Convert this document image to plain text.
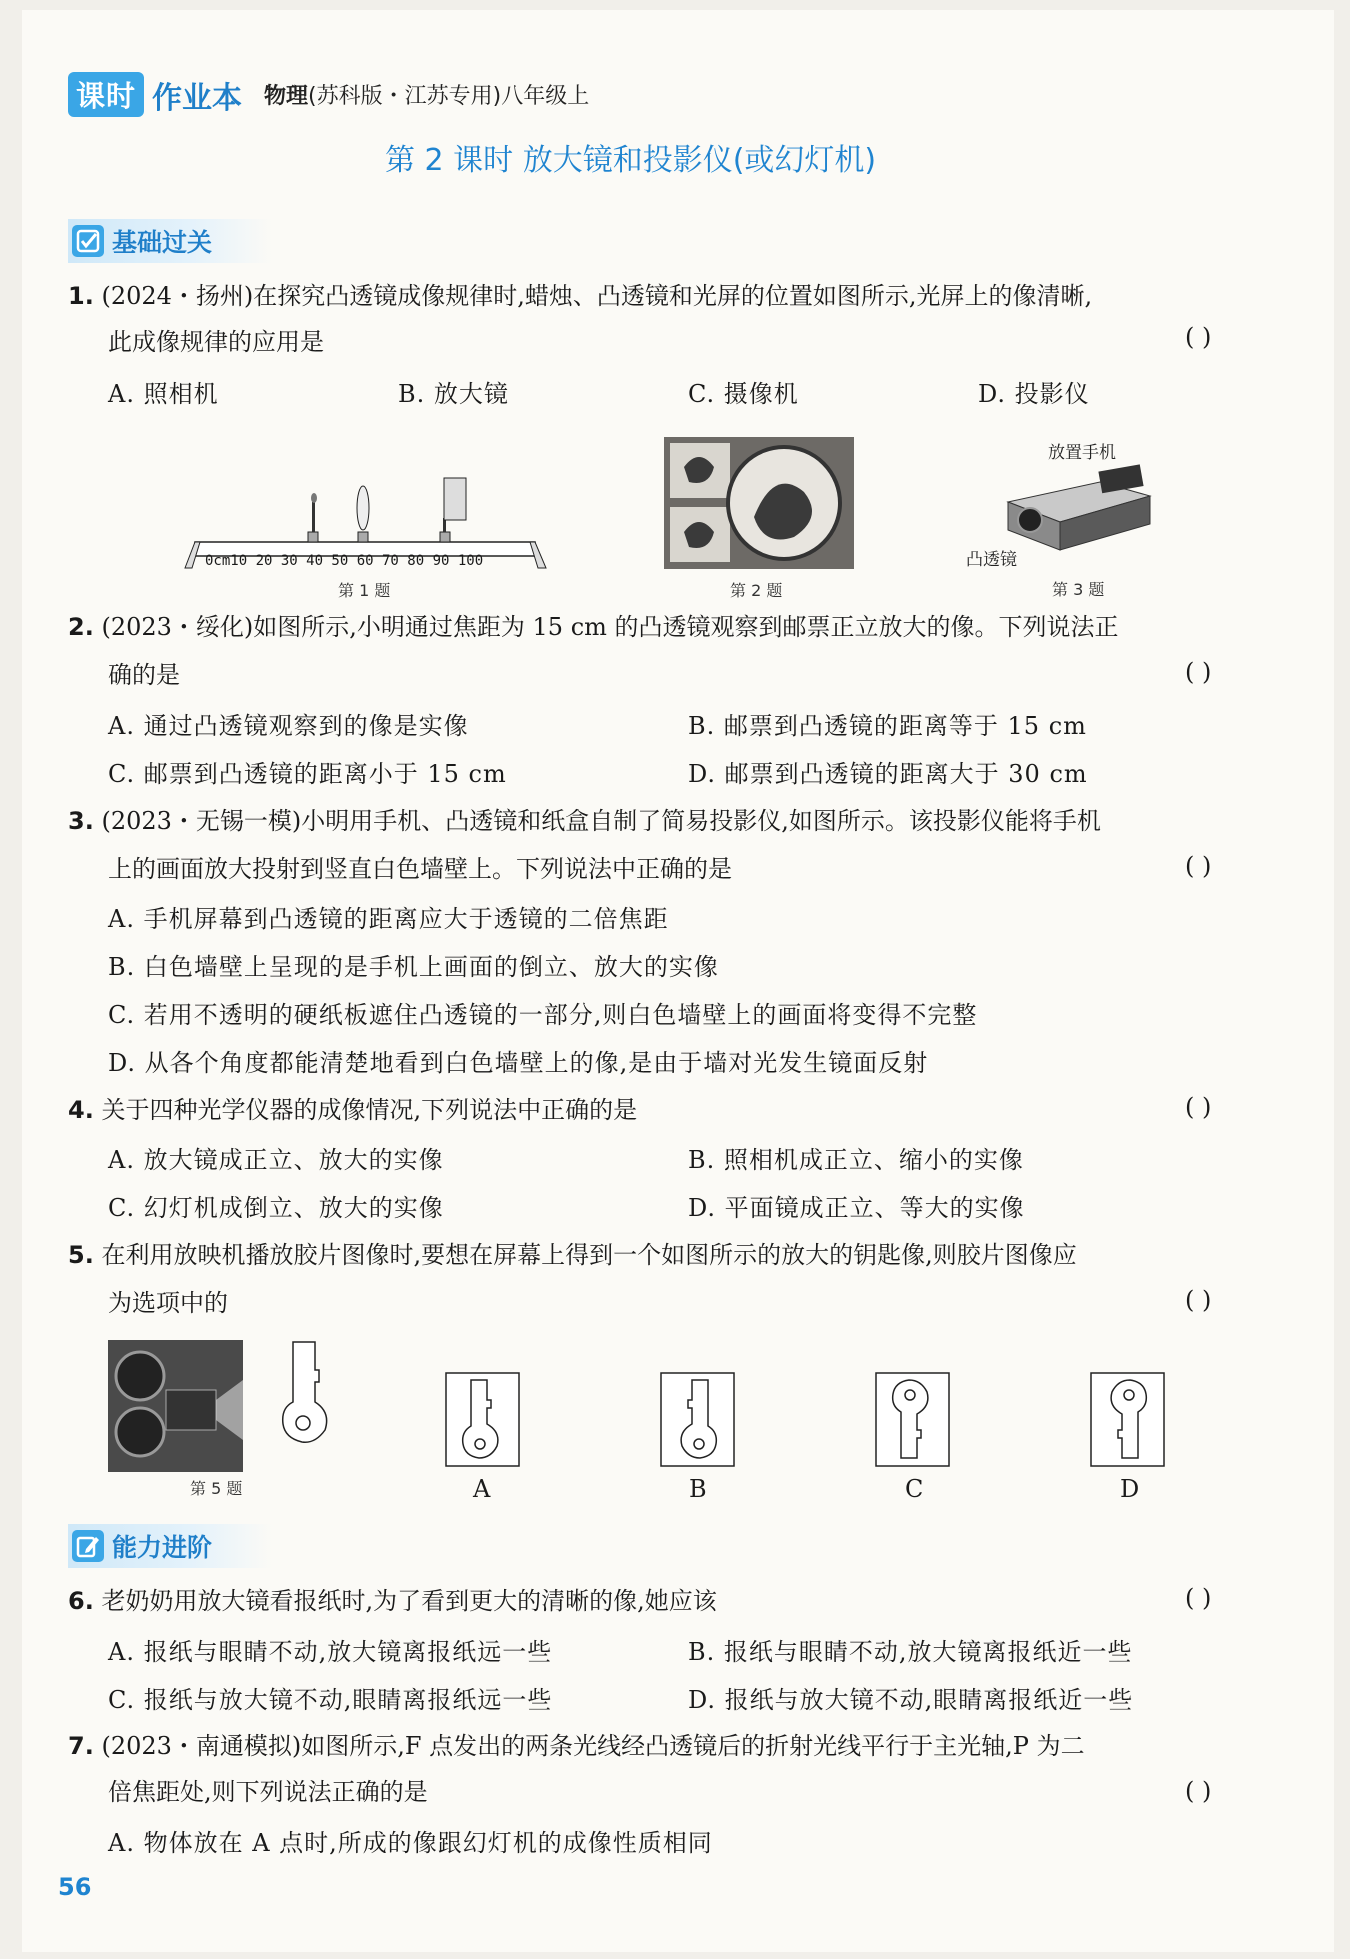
课时 作业本 物理(苏科版・江苏专用)八年级上
第 2 课时 放大镜和投影仪(或幻灯机)
基础过关
1. (2024・扬州)在探究凸透镜成像规律时,蜡烛、凸透镜和光屏的位置如图所示,光屏上的像清晰,
此成像规律的应用是	( )
A. 照相机	B. 放大镜	C. 摄像机	D. 投影仪
0cm10 20 30 40 50 60 70 80 90 100
第 1 题	第 2 题
放置手机
凸透镜
第 3 题
2. (2023・绥化)如图所示,小明通过焦距为 15 cm 的凸透镜观察到邮票正立放大的像。下列说法正
确的是	( )
A. 通过凸透镜观察到的像是实像	B. 邮票到凸透镜的距离等于 15 cm
C. 邮票到凸透镜的距离小于 15 cm	D. 邮票到凸透镜的距离大于 30 cm
3. (2023・无锡一模)小明用手机、凸透镜和纸盒自制了简易投影仪,如图所示。该投影仪能将手机
上的画面放大投射到竖直白色墙壁上。下列说法中正确的是	( )
A. 手机屏幕到凸透镜的距离应大于透镜的二倍焦距
B. 白色墙壁上呈现的是手机上画面的倒立、放大的实像
C. 若用不透明的硬纸板遮住凸透镜的一部分,则白色墙壁上的画面将变得不完整
D. 从各个角度都能清楚地看到白色墙壁上的像,是由于墙对光发生镜面反射
4. 关于四种光学仪器的成像情况,下列说法中正确的是	( )
A. 放大镜成正立、放大的实像	B. 照相机成正立、缩小的实像
C. 幻灯机成倒立、放大的实像	D. 平面镜成正立、等大的实像
5. 在利用放映机播放胶片图像时,要想在屏幕上得到一个如图所示的放大的钥匙像,则胶片图像应
为选项中的	( )
第 5 题	A	B	C	D
能力进阶
6. 老奶奶用放大镜看报纸时,为了看到更大的清晰的像,她应该	( )
A. 报纸与眼睛不动,放大镜离报纸远一些	B. 报纸与眼睛不动,放大镜离报纸近一些
C. 报纸与放大镜不动,眼睛离报纸远一些	D. 报纸与放大镜不动,眼睛离报纸近一些
7. (2023・南通模拟)如图所示,F 点发出的两条光线经凸透镜后的折射光线平行于主光轴,P 为二
倍焦距处,则下列说法正确的是	( )
A. 物体放在 A 点时,所成的像跟幻灯机的成像性质相同
56
